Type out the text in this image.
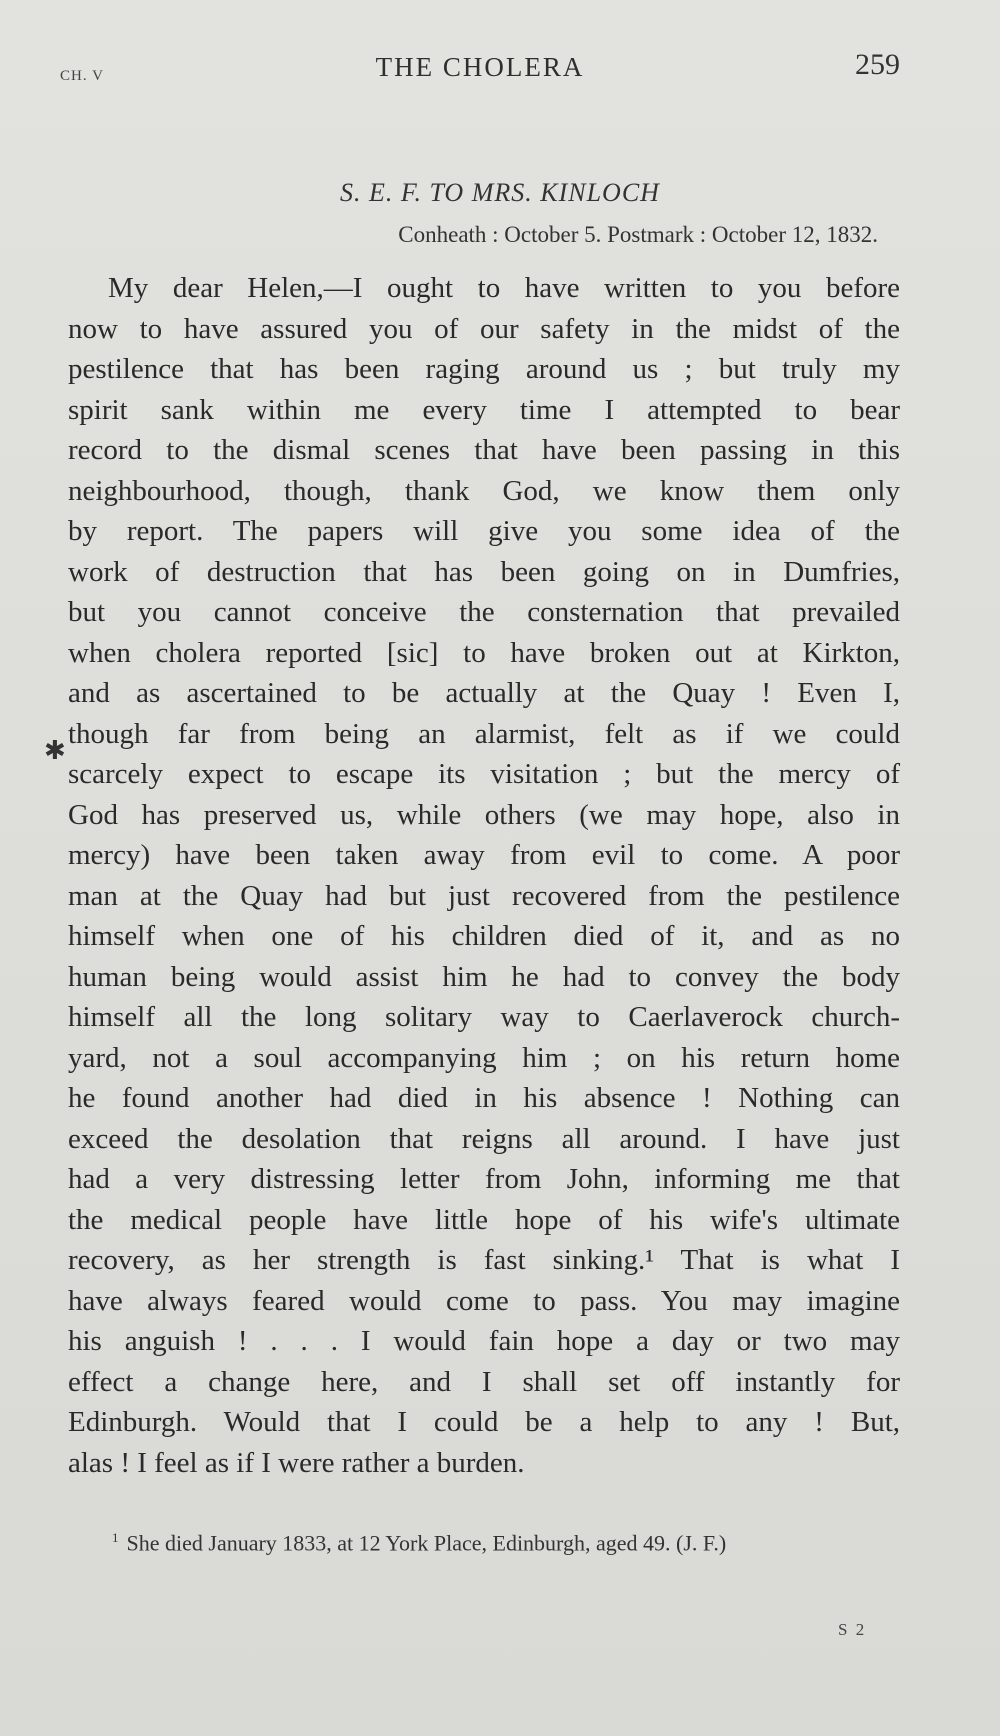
CH. V	THE CHOLERA	259
S. E. F. TO MRS. KINLOCH
Conheath : October 5. Postmark : October 12, 1832.
✱
My dear Helen,—I ought to have written to you before
now to have assured you of our safety in the midst of the
pestilence that has been raging around us ; but truly my
spirit sank within me every time I attempted to bear
record to the dismal scenes that have been passing in this
neighbourhood, though, thank God, we know them only
by report. The papers will give you some idea of the
work of destruction that has been going on in Dumfries,
but you cannot conceive the consternation that prevailed
when cholera reported [sic] to have broken out at Kirkton,
and as ascertained to be actually at the Quay ! Even I,
though far from being an alarmist, felt as if we could
scarcely expect to escape its visitation ; but the mercy of
God has preserved us, while others (we may hope, also in
mercy) have been taken away from evil to come. A poor
man at the Quay had but just recovered from the pestilence
himself when one of his children died of it, and as no
human being would assist him he had to convey the body
himself all the long solitary way to Caerlaverock church-
yard, not a soul accompanying him ; on his return home
he found another had died in his absence ! Nothing can
exceed the desolation that reigns all around. I have just
had a very distressing letter from John, informing me that
the medical people have little hope of his wife's ultimate
recovery, as her strength is fast sinking.¹ That is what I
have always feared would come to pass. You may imagine
his anguish ! . . . I would fain hope a day or two may
effect a change here, and I shall set off instantly for
Edinburgh. Would that I could be a help to any ! But,
alas ! I feel as if I were rather a burden.
$^1$ She died January 1833, at 12 York Place, Edinburgh, aged 49. (J. F.)
S 2
